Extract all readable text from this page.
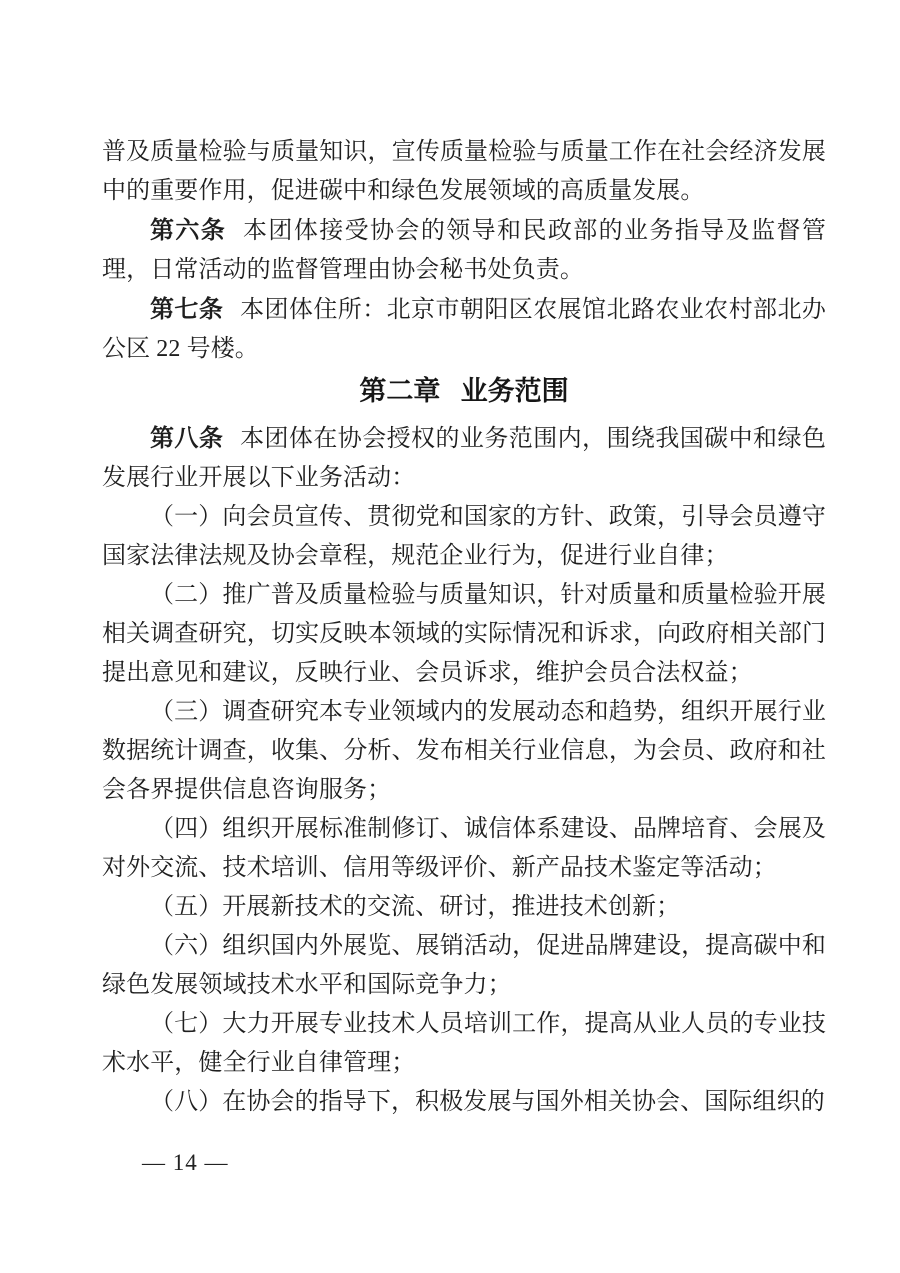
普及质量检验与质量知识，宣传质量检验与质量工作在社会经济发展中的重要作用，促进碳中和绿色发展领域的高质量发展。

第六条 本团体接受协会的领导和民政部的业务指导及监督管理，日常活动的监督管理由协会秘书处负责。

第七条 本团体住所：北京市朝阳区农展馆北路农业农村部北办公区 22 号楼。

第二章 业务范围

第八条 本团体在协会授权的业务范围内，围绕我国碳中和绿色发展行业开展以下业务活动：

（一）向会员宣传、贯彻党和国家的方针、政策，引导会员遵守国家法律法规及协会章程，规范企业行为，促进行业自律；

（二）推广普及质量检验与质量知识，针对质量和质量检验开展相关调查研究，切实反映本领域的实际情况和诉求，向政府相关部门提出意见和建议，反映行业、会员诉求，维护会员合法权益；

（三）调查研究本专业领域内的发展动态和趋势，组织开展行业数据统计调查，收集、分析、发布相关行业信息，为会员、政府和社会各界提供信息咨询服务；

（四）组织开展标准制修订、诚信体系建设、品牌培育、会展及对外交流、技术培训、信用等级评价、新产品技术鉴定等活动；

（五）开展新技术的交流、研讨，推进技术创新；

（六）组织国内外展览、展销活动，促进品牌建设，提高碳中和绿色发展领域技术水平和国际竞争力；

（七）大力开展专业技术人员培训工作，提高从业人员的专业技术水平，健全行业自律管理；

（八）在协会的指导下，积极发展与国外相关协会、国际组织的

— 14 —
